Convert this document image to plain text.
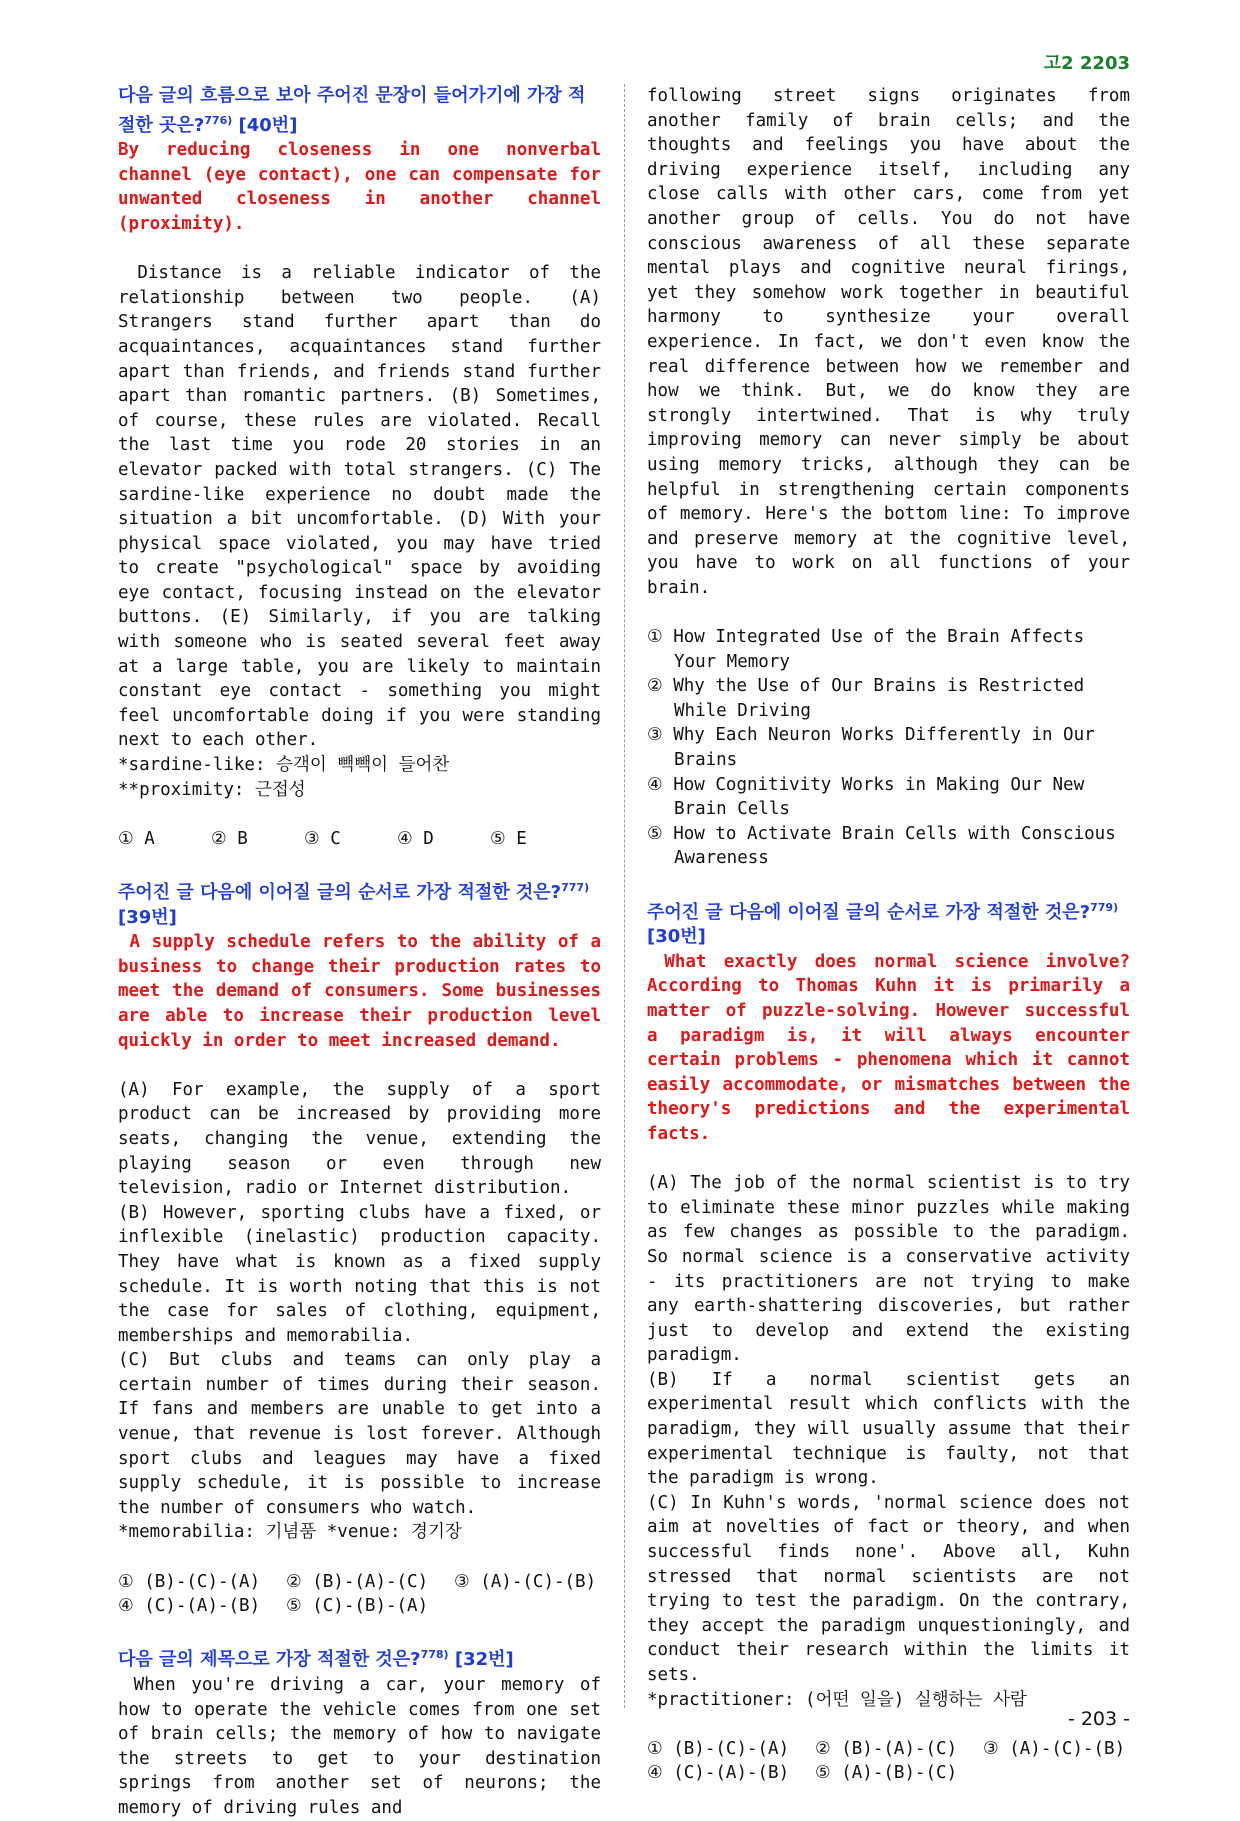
고2 2203

다음 글의 흐름으로 보아 주어진 문장이 들어가기에 가장 적절한 곳은?$^{776)}$ [40번]

By reducing closeness in one nonverbal channel (eye contact), one can compensate for unwanted closeness in another channel (proximity).

Distance is a reliable indicator of the relationship between two people. (A) Strangers stand further apart than do acquaintances, acquaintances stand further apart than friends, and friends stand further apart than romantic partners. (B) Sometimes, of course, these rules are violated. Recall the last time you rode 20 stories in an elevator packed with total strangers. (C) The sardine-like experience no doubt made the situation a bit uncomfortable. (D) With your physical space violated, you may have tried to create "psychological" space by avoiding eye contact, focusing instead on the elevator buttons. (E) Similarly, if you are talking with someone who is seated several feet away at a large table, you are likely to maintain constant eye contact - something you might feel uncomfortable doing if you were standing next to each other.

*sardine-like: 승객이 빽빽이 들어찬

**proximity: 근접성

① A	② B	③ C	④ D	⑤ E

주어진 글 다음에 이어질 글의 순서로 가장 적절한 것은?$^{777)}$ [39번]

A supply schedule refers to the ability of a business to change their production rates to meet the demand of consumers. Some businesses are able to increase their production level quickly in order to meet increased demand.

(A) For example, the supply of a sport product can be increased by providing more seats, changing the venue, extending the playing season or even through new television, radio or Internet distribution.

(B) However, sporting clubs have a fixed, or inflexible (inelastic) production capacity. They have what is known as a fixed supply schedule. It is worth noting that this is not the case for sales of clothing, equipment, memberships and memorabilia.

(C) But clubs and teams can only play a certain number of times during their season. If fans and members are unable to get into a venue, that revenue is lost forever. Although sport clubs and leagues may have a fixed supply schedule, it is possible to increase the number of consumers who watch.

*memorabilia: 기념품 *venue: 경기장

① (B)-(C)-(A)	② (B)-(A)-(C)	③ (A)-(C)-(B)
④ (C)-(A)-(B)	⑤ (C)-(B)-(A)

다음 글의 제목으로 가장 적절한 것은?$^{778)}$ [32번]

When you're driving a car, your memory of how to operate the vehicle comes from one set of brain cells; the memory of how to navigate the streets to get to your destination springs from another set of neurons; the memory of driving rules and

following street signs originates from another family of brain cells; and the thoughts and feelings you have about the driving experience itself, including any close calls with other cars, come from yet another group of cells. You do not have conscious awareness of all these separate mental plays and cognitive neural firings, yet they somehow work together in beautiful harmony to synthesize your overall experience. In fact, we don't even know the real difference between how we remember and how we think. But, we do know they are strongly intertwined. That is why truly improving memory can never simply be about using memory tricks, although they can be helpful in strengthening certain components of memory. Here's the bottom line: To improve and preserve memory at the cognitive level, you have to work on all functions of your brain.

① How Integrated Use of the Brain Affects Your Memory

② Why the Use of Our Brains is Restricted While Driving

③ Why Each Neuron Works Differently in Our Brains

④ How Cognitivity Works in Making Our New Brain Cells

⑤ How to Activate Brain Cells with Conscious Awareness

주어진 글 다음에 이어질 글의 순서로 가장 적절한 것은?$^{779)}$ [30번]

What exactly does normal science involve? According to Thomas Kuhn it is primarily a matter of puzzle-solving. However successful a paradigm is, it will always encounter certain problems - phenomena which it cannot easily accommodate, or mismatches between the theory's predictions and the experimental facts.

(A) The job of the normal scientist is to try to eliminate these minor puzzles while making as few changes as possible to the paradigm. So normal science is a conservative activity - its practitioners are not trying to make any earth-shattering discoveries, but rather just to develop and extend the existing paradigm.

(B) If a normal scientist gets an experimental result which conflicts with the paradigm, they will usually assume that their experimental technique is faulty, not that the paradigm is wrong.

(C) In Kuhn's words, 'normal science does not aim at novelties of fact or theory, and when successful finds none'. Above all, Kuhn stressed that normal scientists are not trying to test the paradigm. On the contrary, they accept the paradigm unquestioningly, and conduct their research within the limits it sets.

*practitioner: (어떤 일을) 실행하는 사람

① (B)-(C)-(A)	② (B)-(A)-(C)	③ (A)-(C)-(B)
④ (C)-(A)-(B)	⑤ (A)-(B)-(C)
- 203 -
